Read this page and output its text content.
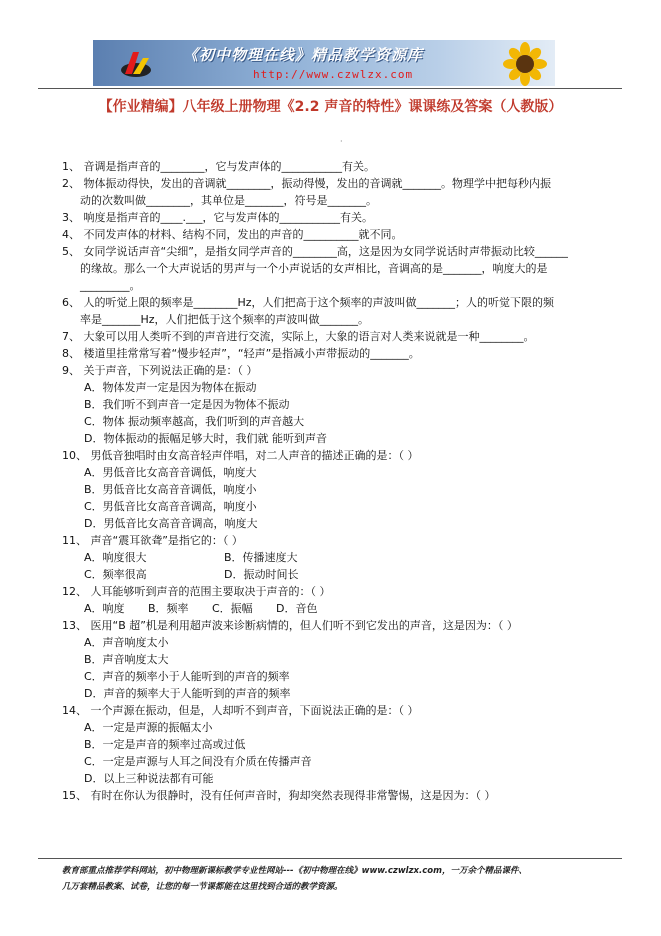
《初中物理在线》精品教学资源库
http://www.czwlzx.com
【作业精编】八年级上册物理《2.2 声音的特性》课课练及答案（人教版）
·
1、 音调是指声音的________，它与发声体的___________有关。
2、 物体振动得快，发出的音调就________，振动得慢，发出的音调就_______。物理学中把每秒内振
动的次数叫做________，其单位是_______，符号是_______。
3、 响度是指声音的____.___，它与发声体的___________有关。
4、 不同发声体的材料、结构不同，发出的声音的__________就不同。
5、 女同学说话声音“尖细”，是指女同学声音的________高，这是因为女同学说话时声带振动比较______
的缘故。那么一个大声说话的男声与一个小声说话的女声相比，音调高的是_______，响度大的是
_________。
6、 人的听觉上限的频率是________Hz，人们把高于这个频率的声波叫做_______；人的听觉下限的频
率是_______Hz，人们把低于这个频率的声波叫做_______。
7、 大象可以用人类听不到的声音进行交流，实际上，大象的语言对人类来说就是一种________。
8、 楼道里挂常常写着“慢步轻声”，“轻声”是指减小声带振动的_______。
9、 关于声音，下列说法正确的是：（ ）
A．物体发声一定是因为物体在振动
B．我们听不到声音一定是因为物体不振动
C．物体 振动频率越高，我们听到的声音越大
D．物体振动的振幅足够大时，我们就 能听到声音
10、 男低音独唱时由女高音轻声伴唱，对二人声音的描述正确的是：（ ）
A．男低音比女高音音调低，响度大
B．男低音比女高音音调低，响度小
C．男低音比女高音音调高，响度小
D．男低音比女高音音调高，响度大
11、 声音“震耳欲聋”是指它的：（ ）
A．响度很大	B．传播速度大
C．频率很高	D．振动时间长
12、 人耳能够听到声音的范围主要取决于声音的：（ ）
A．响度	B．频率	C．振幅	D．音色
13、 医用“B 超”机是利用超声波来诊断病情的，但人们听不到它发出的声音，这是因为：（ ）
A．声音响度太小
B．声音响度太大
C．声音的频率小于人能听到的声音的频率
D．声音的频率大于人能听到的声音的频率
14、 一个声源在振动，但是，人却听不到声音，下面说法正确的是：（ ）
A．一定是声源的振幅太小
B．一定是声音的频率过高或过低
C．一定是声源与人耳之间没有介质在传播声音
D．以上三种说法都有可能
15、 有时在你认为很静时，没有任何声音时，狗却突然表现得非常警惕，这是因为：（ ）
教育部重点推荐学科网站，初中物理新课标教学专业性网站---《初中物理在线》www.czwlzx.com，一万余个精品课件、
几万套精品教案、试卷，让您的每一节课都能在这里找到合适的教学资源。
